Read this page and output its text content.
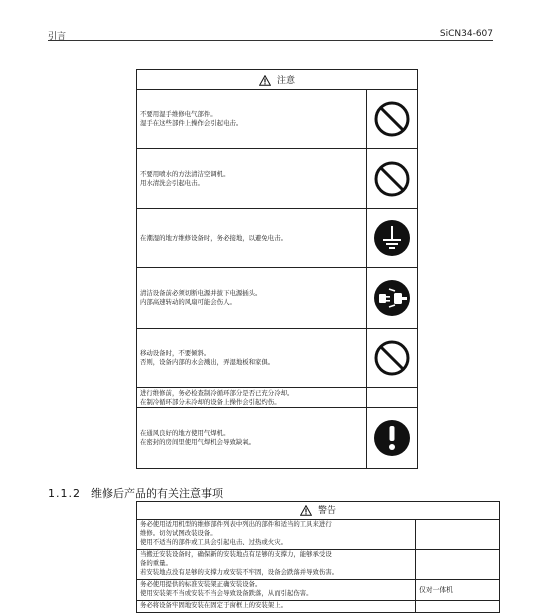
引言	SiCN34-607
注意	

不要用湿手维修电气部件。
湿手在这些部件上操作会引起电击。

不要用喷水的方法清洁空调机。
用水清洗会引起电击。

在潮湿的地方维修设备时，务必接地，以避免电击。

清洁设备前必须切断电源并拔下电源插头。
内部高速转动的风扇可能会伤人。

移动设备时，不要倾斜。
否则，设备内部的水会溅出，弄湿地板和家俱。

进行维修前，务必检查制冷循环部分是否已充分冷却。
在制冷循环部分未冷却的设备上操作会引起灼伤。	

在通风良好的地方使用气焊机。
在密封的房间里使用气焊机会导致缺氧。

1.1.2 维修后产品的有关注意事项
警告	

务必使用适用机型的维修部件列表中列出的部件和适当的工具来进行
维修。切勿试图改装设备。
使用不适当的部件或工具会引起电击、过热或火灾。	

当搬迁安装设备时，确保新的安装地点有足够的支撑力，能够承受设
备的重量。
若安装地点没有足够的支撑力或安装不牢固，设备会跌落并导致伤害。	

务必使用提供的标准安装架正确安装设备。
使用安装架不当或安装不当会导致设备跌落，从而引起伤害。	仅对一体机

务必将设备牢固地安装在固定于窗框上的安装架上。	
